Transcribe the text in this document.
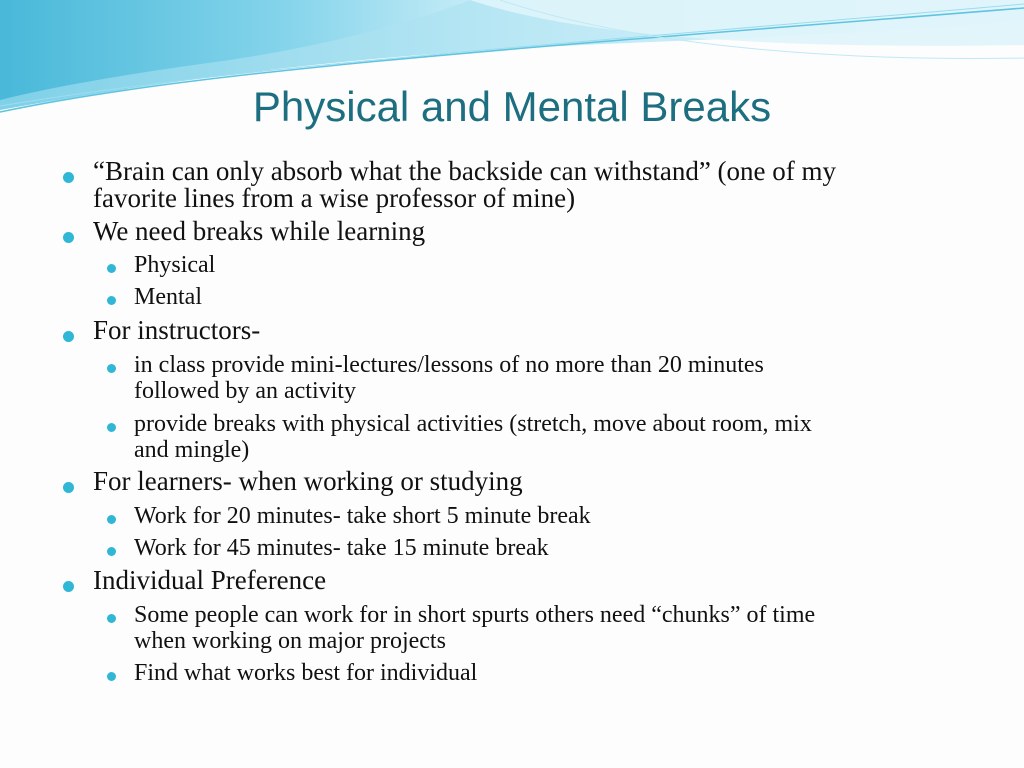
Physical and Mental Breaks
“Brain can only absorb what the backside can withstand” (one of my
favorite lines from a wise professor of mine)
We need breaks while learning
Physical
Mental
For instructors-
in class provide mini-lectures/lessons of no more than 20 minutes
followed by an activity
provide breaks with physical activities (stretch, move about room, mix
and mingle)
For learners- when working or studying
Work for 20 minutes- take short 5 minute break
Work for 45 minutes- take 15 minute break
Individual Preference
Some people can work for in short spurts others need “chunks” of time
when working on major projects
Find what works best for individual
